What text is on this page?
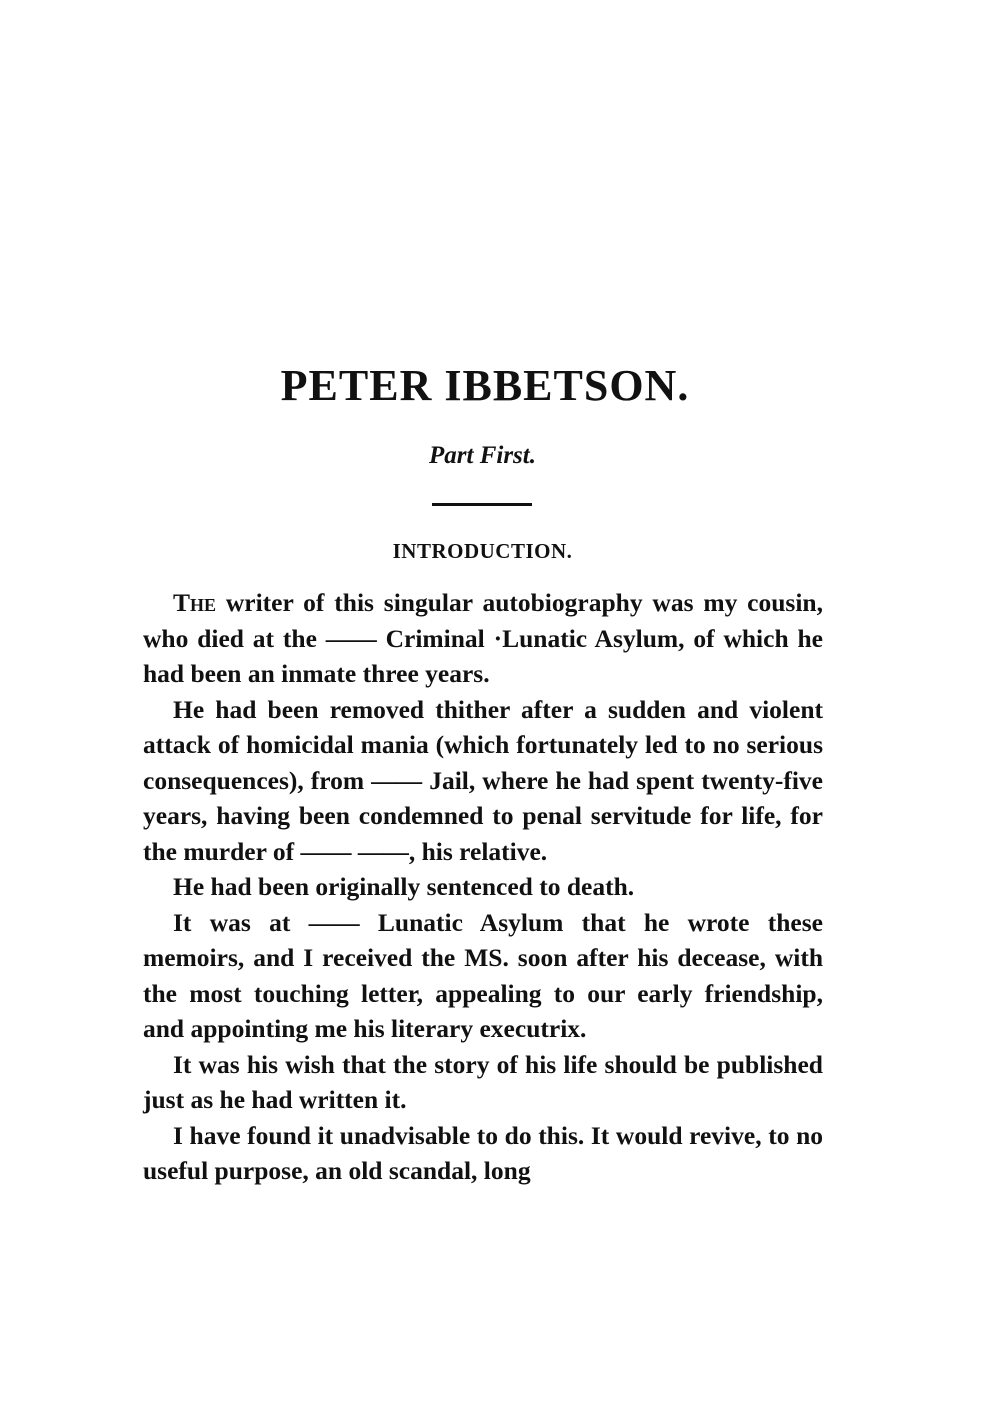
PETER IBBETSON.
Part First.
INTRODUCTION.

The writer of this singular autobiography was my cousin, who died at the —— Criminal ·Lunatic Asylum, of which he had been an inmate three years.

He had been removed thither after a sudden and violent attack of homicidal mania (which fortunately led to no serious consequences), from —— Jail, where he had spent twenty-five years, having been condemned to penal servitude for life, for the murder of —— ——, his relative.

He had been originally sentenced to death.

It was at —— Lunatic Asylum that he wrote these memoirs, and I received the MS. soon after his decease, with the most touching letter, appealing to our early friendship, and appointing me his literary executrix.

It was his wish that the story of his life should be published just as he had written it.

I have found it unadvisable to do this. It would revive, to no useful purpose, an old scandal, long
